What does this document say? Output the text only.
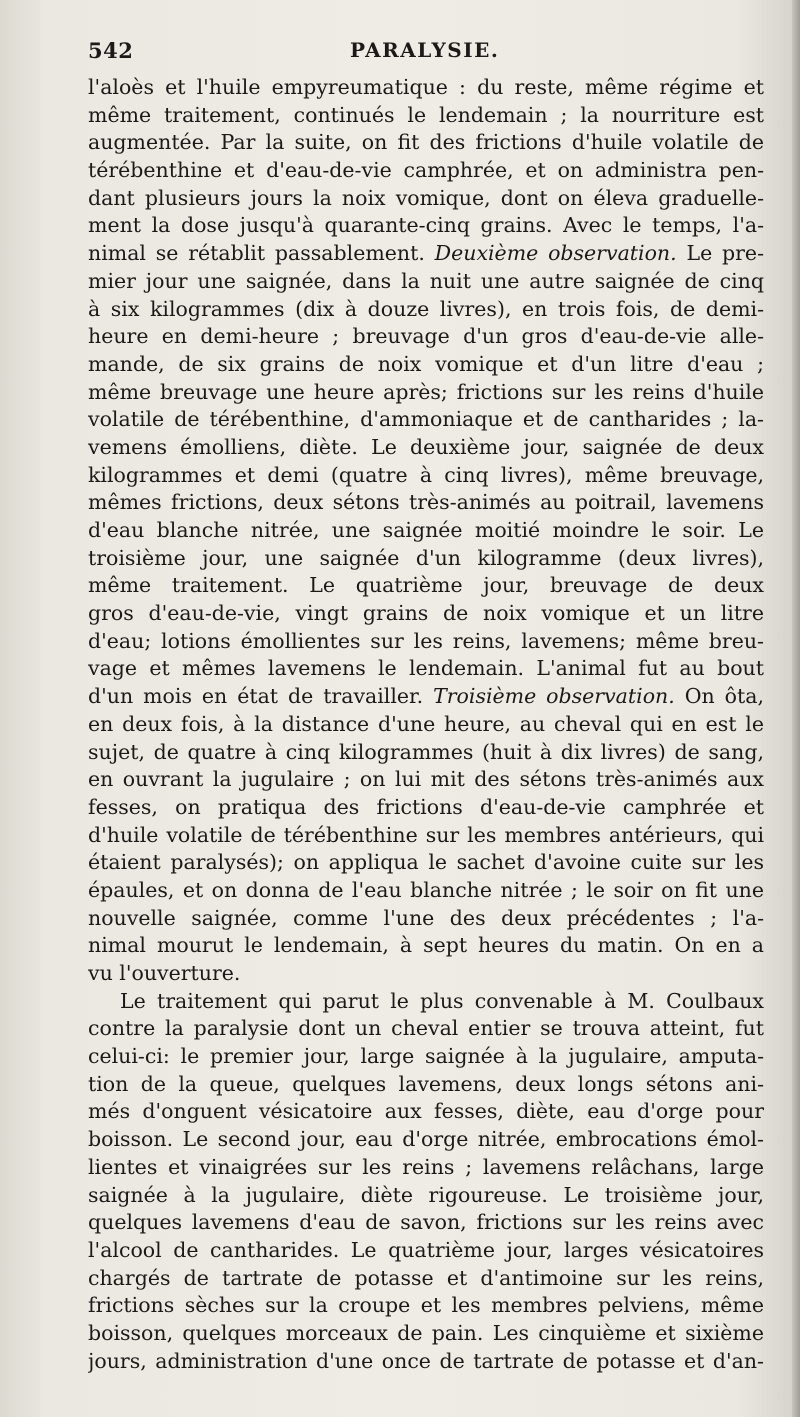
542	PARALYSIE.
l'aloès et l'huile empyreumatique : du reste, même régime et
même traitement, continués le lendemain ; la nourriture est
augmentée. Par la suite, on fit des frictions d'huile volatile de
térébenthine et d'eau-de-vie camphrée, et on administra pen-
dant plusieurs jours la noix vomique, dont on éleva graduelle-
ment la dose jusqu'à quarante-cinq grains. Avec le temps, l'a-
nimal se rétablit passablement. Deuxième observation. Le pre-
mier jour une saignée, dans la nuit une autre saignée de cinq
à six kilogrammes (dix à douze livres), en trois fois, de demi-
heure en demi-heure ; breuvage d'un gros d'eau-de-vie alle-
mande, de six grains de noix vomique et d'un litre d'eau ;
même breuvage une heure après; frictions sur les reins d'huile
volatile de térébenthine, d'ammoniaque et de cantharides ; la-
vemens émolliens, diète. Le deuxième jour, saignée de deux
kilogrammes et demi (quatre à cinq livres), même breuvage,
mêmes frictions, deux sétons très-animés au poitrail, lavemens
d'eau blanche nitrée, une saignée moitié moindre le soir. Le
troisième jour, une saignée d'un kilogramme (deux livres),
même traitement. Le quatrième jour, breuvage de deux
gros d'eau-de-vie, vingt grains de noix vomique et un litre
d'eau; lotions émollientes sur les reins, lavemens; même breu-
vage et mêmes lavemens le lendemain. L'animal fut au bout
d'un mois en état de travailler. Troisième observation. On ôta,
en deux fois, à la distance d'une heure, au cheval qui en est le
sujet, de quatre à cinq kilogrammes (huit à dix livres) de sang,
en ouvrant la jugulaire ; on lui mit des sétons très-animés aux
fesses, on pratiqua des frictions d'eau-de-vie camphrée et
d'huile volatile de térébenthine sur les membres antérieurs, qui
étaient paralysés); on appliqua le sachet d'avoine cuite sur les
épaules, et on donna de l'eau blanche nitrée ; le soir on fit une
nouvelle saignée, comme l'une des deux précédentes ; l'a-
nimal mourut le lendemain, à sept heures du matin. On en a
vu l'ouverture.
Le traitement qui parut le plus convenable à M. Coulbaux
contre la paralysie dont un cheval entier se trouva atteint, fut
celui-ci: le premier jour, large saignée à la jugulaire, amputa-
tion de la queue, quelques lavemens, deux longs sétons ani-
més d'onguent vésicatoire aux fesses, diète, eau d'orge pour
boisson. Le second jour, eau d'orge nitrée, embrocations émol-
lientes et vinaigrées sur les reins ; lavemens relâchans, large
saignée à la jugulaire, diète rigoureuse. Le troisième jour,
quelques lavemens d'eau de savon, frictions sur les reins avec
l'alcool de cantharides. Le quatrième jour, larges vésicatoires
chargés de tartrate de potasse et d'antimoine sur les reins,
frictions sèches sur la croupe et les membres pelviens, même
boisson, quelques morceaux de pain. Les cinquième et sixième
jours, administration d'une once de tartrate de potasse et d'an-
